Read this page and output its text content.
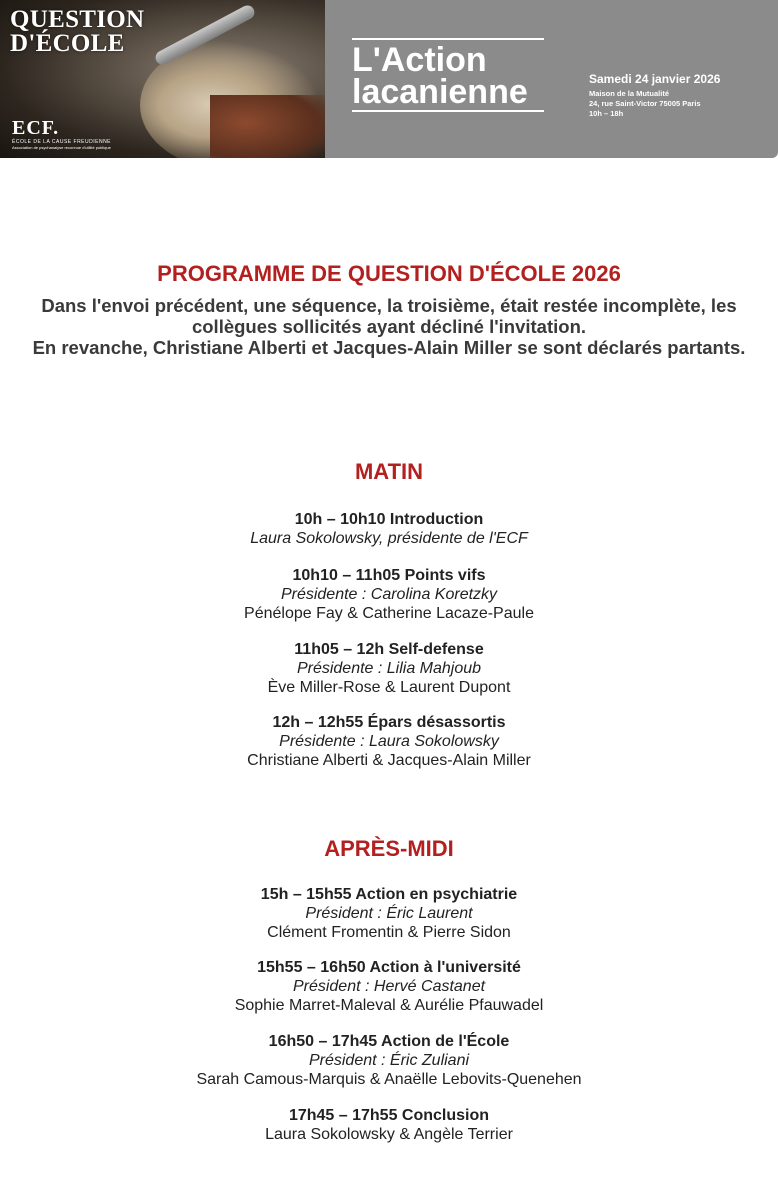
QUESTION
D'ÉCOLE
ECF.
ÉCOLE DE LA CAUSE FREUDIENNE
Association de psychanalyse reconnue d'utilité publique
L'Action
lacanienne	Samedi 24 janvier 2026
Maison de la Mutualité
24, rue Saint-Victor 75005 Paris
10h – 18h
PROGRAMME DE QUESTION D'ÉCOLE 2026
Dans l'envoi précédent, une séquence, la troisième, était restée incomplète, les
collègues sollicités ayant décliné l'invitation.
En revanche, Christiane Alberti et Jacques-Alain Miller se sont déclarés partants.
MATIN
10h – 10h10 Introduction
Laura Sokolowsky, présidente de l'ECF
10h10 – 11h05 Points vifs
Présidente : Carolina Koretzky
Pénélope Fay & Catherine Lacaze-Paule
11h05 – 12h Self-defense
Présidente : Lilia Mahjoub
Ève Miller-Rose & Laurent Dupont
12h – 12h55 Épars désassortis
Présidente : Laura Sokolowsky
Christiane Alberti & Jacques-Alain Miller
APRÈS-MIDI
15h – 15h55 Action en psychiatrie
Président : Éric Laurent
Clément Fromentin & Pierre Sidon
15h55 – 16h50 Action à l'université
Président : Hervé Castanet
Sophie Marret-Maleval & Aurélie Pfauwadel
16h50 – 17h45 Action de l'École
Président : Éric Zuliani
Sarah Camous-Marquis & Anaëlle Lebovits-Quenehen
17h45 – 17h55 Conclusion
Laura Sokolowsky & Angèle Terrier
